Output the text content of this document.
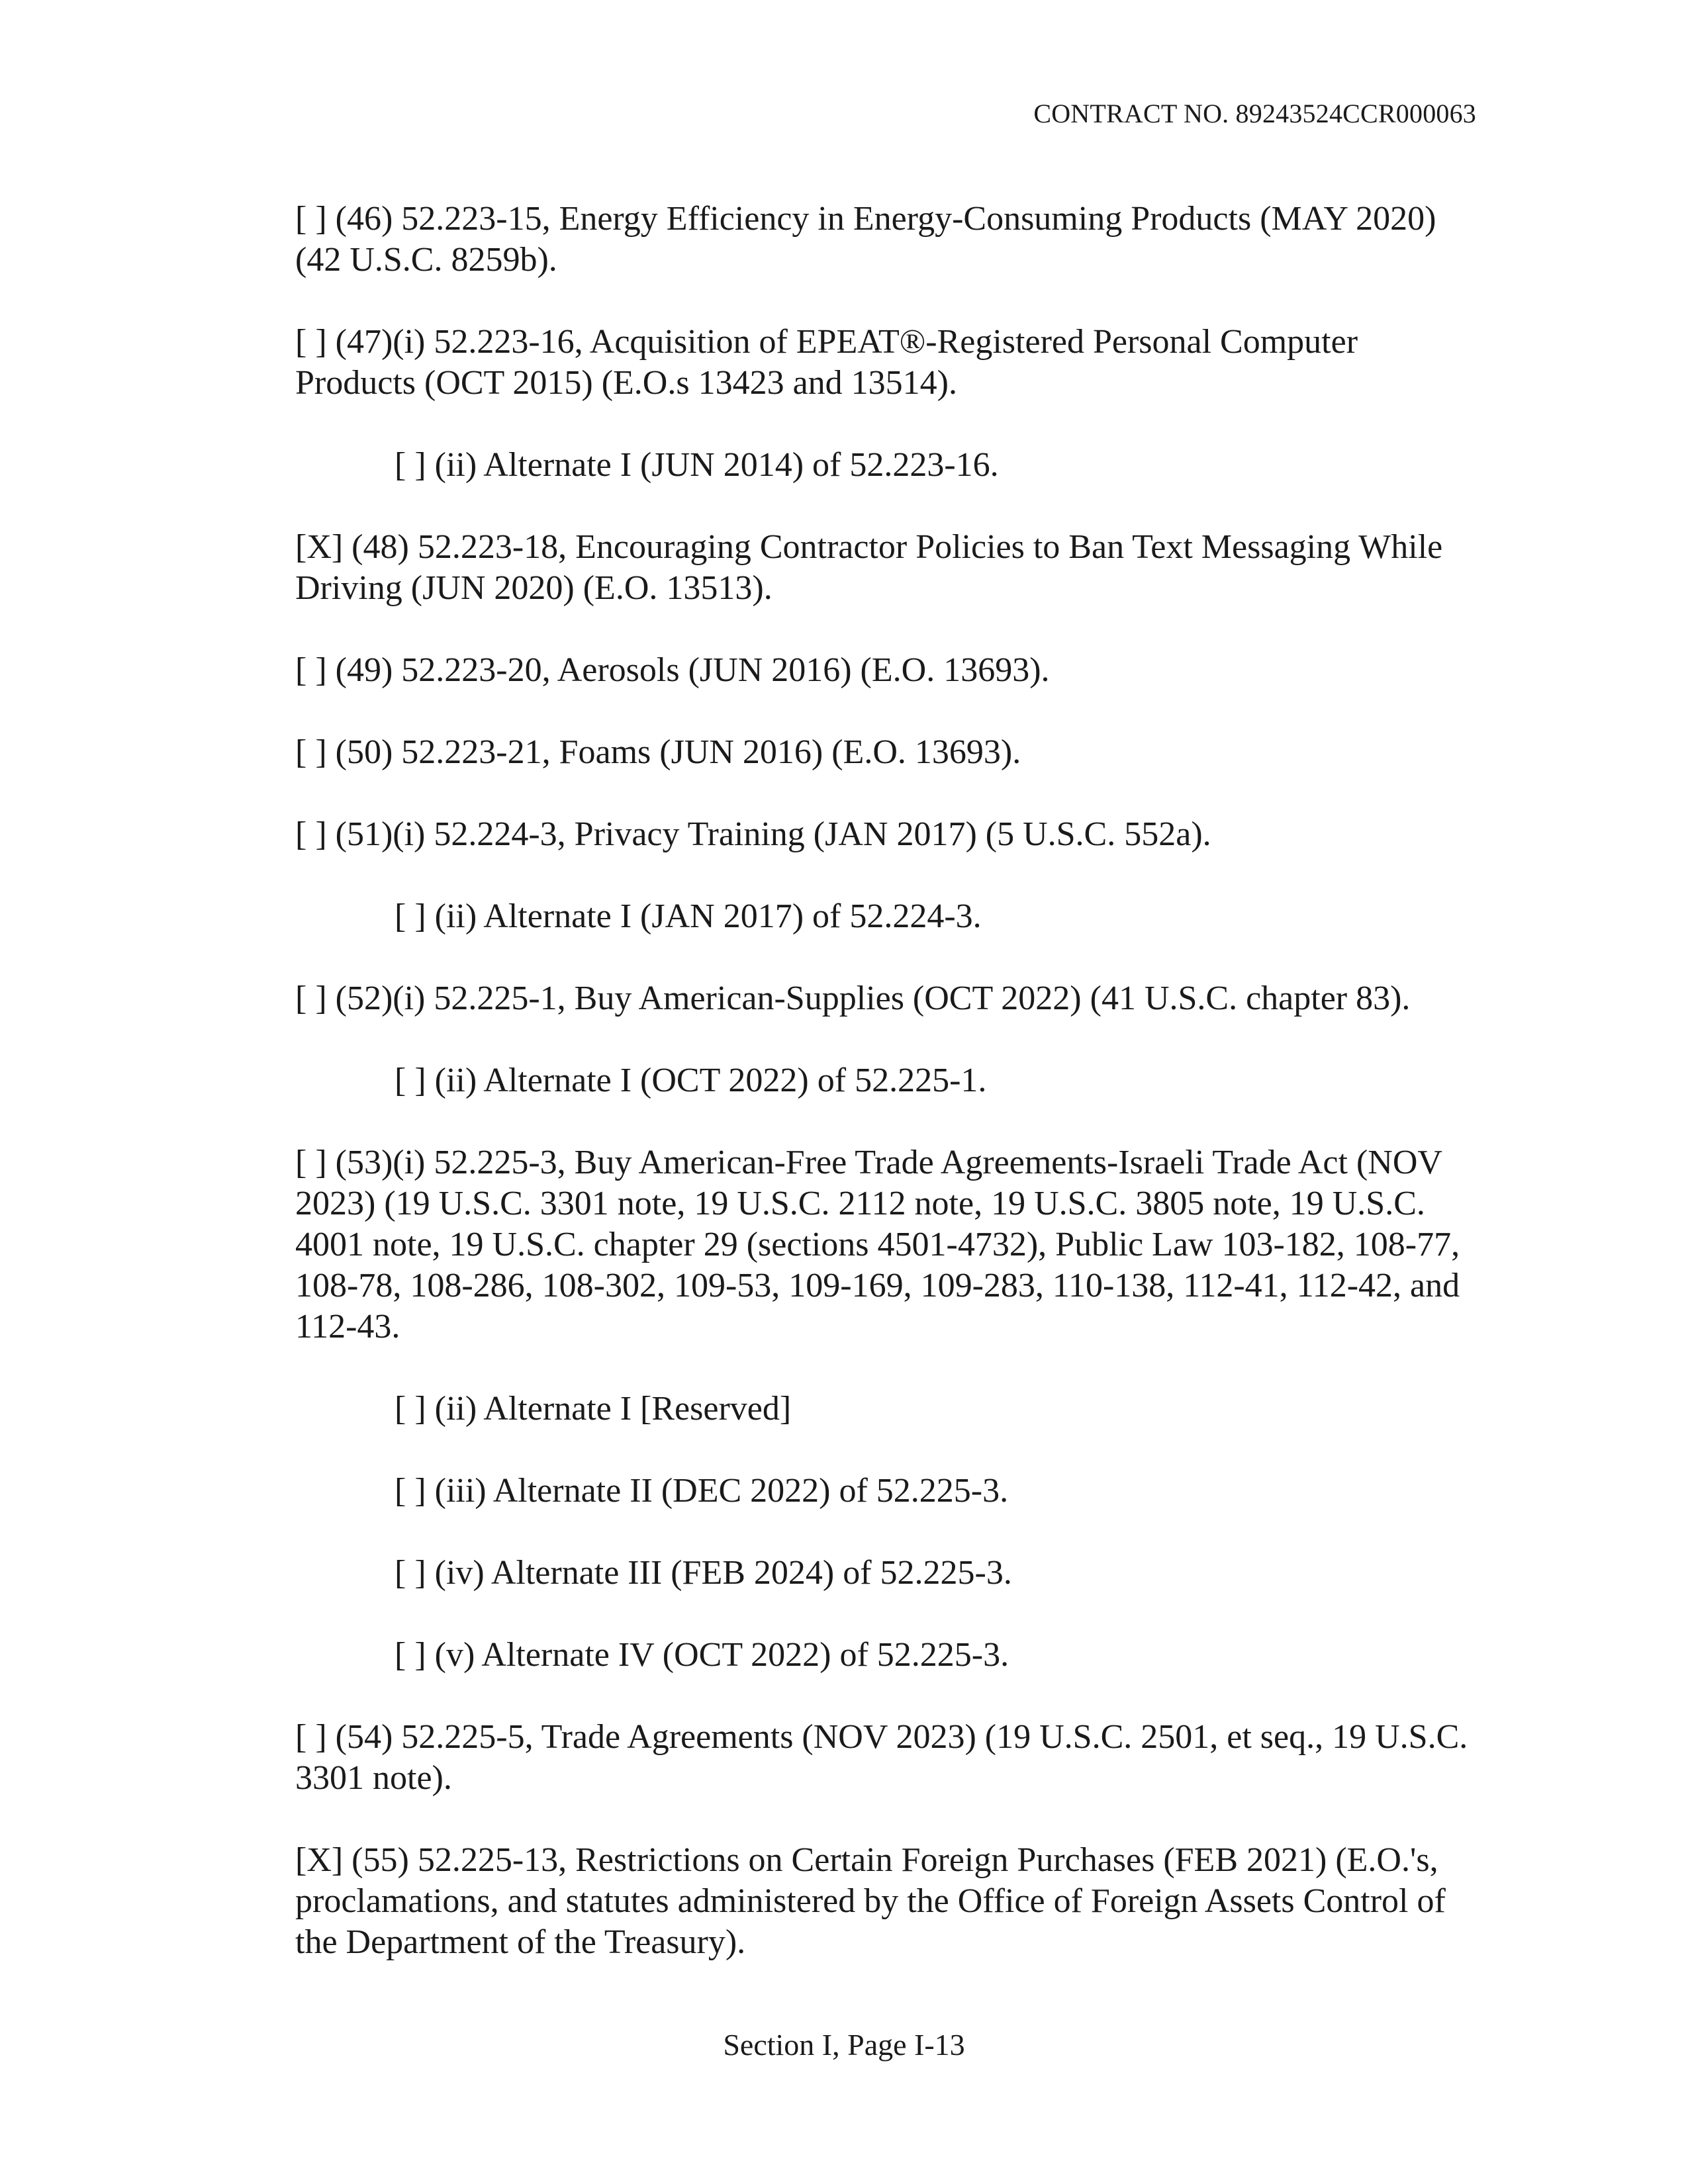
CONTRACT NO. 89243524CCR000063

[ ] (46) 52.223-15, Energy Efficiency in Energy-Consuming Products (MAY 2020) (42 U.S.C. 8259b).

[ ] (47)(i) 52.223-16, Acquisition of EPEAT®-Registered Personal Computer Products (OCT 2015) (E.O.s 13423 and 13514).

[ ] (ii) Alternate I (JUN 2014) of 52.223-16.

[X] (48) 52.223-18, Encouraging Contractor Policies to Ban Text Messaging While Driving (JUN 2020) (E.O. 13513).

[ ] (49) 52.223-20, Aerosols (JUN 2016) (E.O. 13693).

[ ] (50) 52.223-21, Foams (JUN 2016) (E.O. 13693).

[ ] (51)(i) 52.224-3, Privacy Training (JAN 2017) (5 U.S.C. 552a).

[ ] (ii) Alternate I (JAN 2017) of 52.224-3.

[ ] (52)(i) 52.225-1, Buy American-Supplies (OCT 2022) (41 U.S.C. chapter 83).

[ ] (ii) Alternate I (OCT 2022) of 52.225-1.

[ ] (53)(i) 52.225-3, Buy American-Free Trade Agreements-Israeli Trade Act (NOV 2023) (19 U.S.C. 3301 note, 19 U.S.C. 2112 note, 19 U.S.C. 3805 note, 19 U.S.C. 4001 note, 19 U.S.C. chapter 29 (sections 4501-4732), Public Law 103-182, 108-77, 108-78, 108-286, 108-302, 109-53, 109-169, 109-283, 110-138, 112-41, 112-42, and 112-43.

[ ] (ii) Alternate I [Reserved]

[ ] (iii) Alternate II (DEC 2022) of 52.225-3.

[ ] (iv) Alternate III (FEB 2024) of 52.225-3.

[ ] (v) Alternate IV (OCT 2022) of 52.225-3.

[ ] (54) 52.225-5, Trade Agreements (NOV 2023) (19 U.S.C. 2501, et seq., 19 U.S.C. 3301 note).

[X] (55) 52.225-13, Restrictions on Certain Foreign Purchases (FEB 2021) (E.O.'s, proclamations, and statutes administered by the Office of Foreign Assets Control of the Department of the Treasury).

Section I, Page I-13
